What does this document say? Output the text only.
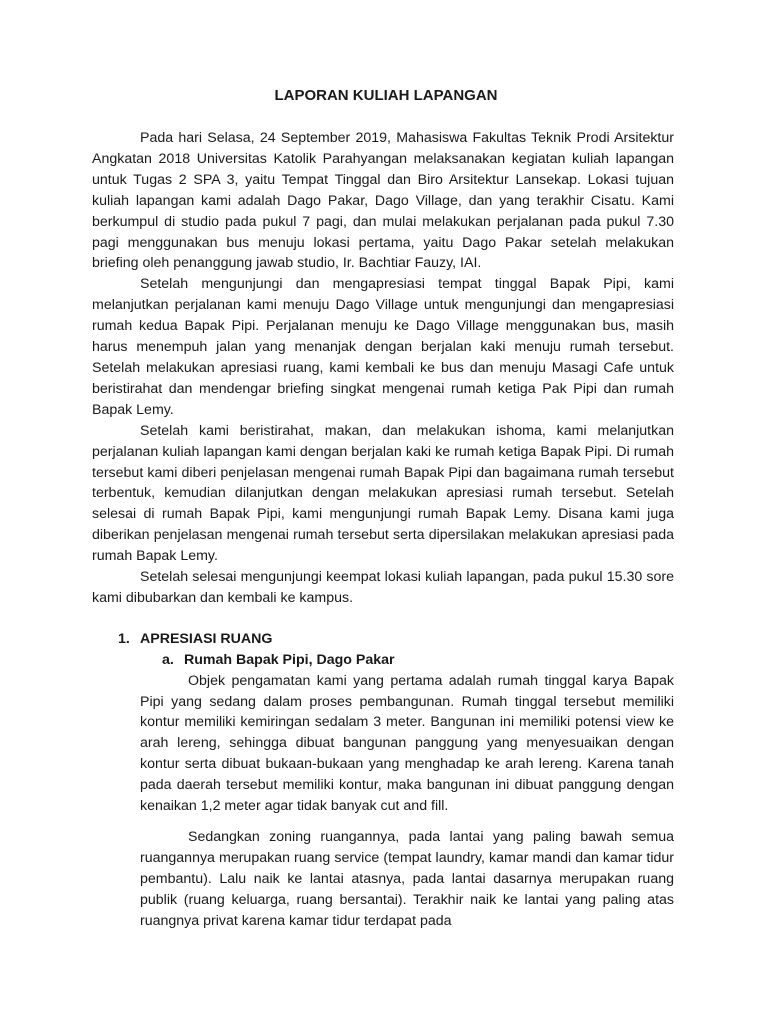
LAPORAN KULIAH LAPANGAN

Pada hari Selasa, 24 September 2019, Mahasiswa Fakultas Teknik Prodi Arsitektur Angkatan 2018 Universitas Katolik Parahyangan melaksanakan kegiatan kuliah lapangan untuk Tugas 2 SPA 3, yaitu Tempat Tinggal dan Biro Arsitektur Lansekap. Lokasi tujuan kuliah lapangan kami adalah Dago Pakar, Dago Village, dan yang terakhir Cisatu. Kami berkumpul di studio pada pukul 7 pagi, dan mulai melakukan perjalanan pada pukul 7.30 pagi menggunakan bus menuju lokasi pertama, yaitu Dago Pakar setelah melakukan briefing oleh penanggung jawab studio, Ir. Bachtiar Fauzy, IAI.

Setelah mengunjungi dan mengapresiasi tempat tinggal Bapak Pipi, kami melanjutkan perjalanan kami menuju Dago Village untuk mengunjungi dan mengapresiasi rumah kedua Bapak Pipi. Perjalanan menuju ke Dago Village menggunakan bus, masih harus menempuh jalan yang menanjak dengan berjalan kaki menuju rumah tersebut. Setelah melakukan apresiasi ruang, kami kembali ke bus dan menuju Masagi Cafe untuk beristirahat dan mendengar briefing singkat mengenai rumah ketiga Pak Pipi dan rumah Bapak Lemy.

Setelah kami beristirahat, makan, dan melakukan ishoma, kami melanjutkan perjalanan kuliah lapangan kami dengan berjalan kaki ke rumah ketiga Bapak Pipi. Di rumah tersebut kami diberi penjelasan mengenai rumah Bapak Pipi dan bagaimana rumah tersebut terbentuk, kemudian dilanjutkan dengan melakukan apresiasi rumah tersebut. Setelah selesai di rumah Bapak Pipi, kami mengunjungi rumah Bapak Lemy. Disana kami juga diberikan penjelasan mengenai rumah tersebut serta dipersilakan melakukan apresiasi pada rumah Bapak Lemy.

Setelah selesai mengunjungi keempat lokasi kuliah lapangan, pada pukul 15.30 sore kami dibubarkan dan kembali ke kampus.

1. APRESIASI RUANG
a. Rumah Bapak Pipi, Dago Pakar

Objek pengamatan kami yang pertama adalah rumah tinggal karya Bapak Pipi yang sedang dalam proses pembangunan. Rumah tinggal tersebut memiliki kontur memiliki kemiringan sedalam 3 meter. Bangunan ini memiliki potensi view ke arah lereng, sehingga dibuat bangunan panggung yang menyesuaikan dengan kontur serta dibuat bukaan-bukaan yang menghadap ke arah lereng. Karena tanah pada daerah tersebut memiliki kontur, maka bangunan ini dibuat panggung dengan kenaikan 1,2 meter agar tidak banyak cut and fill.

Sedangkan zoning ruangannya, pada lantai yang paling bawah semua ruangannya merupakan ruang service (tempat laundry, kamar mandi dan kamar tidur pembantu). Lalu naik ke lantai atasnya, pada lantai dasarnya merupakan ruang publik (ruang keluarga, ruang bersantai). Terakhir naik ke lantai yang paling atas ruangnya privat karena kamar tidur terdapat pada
